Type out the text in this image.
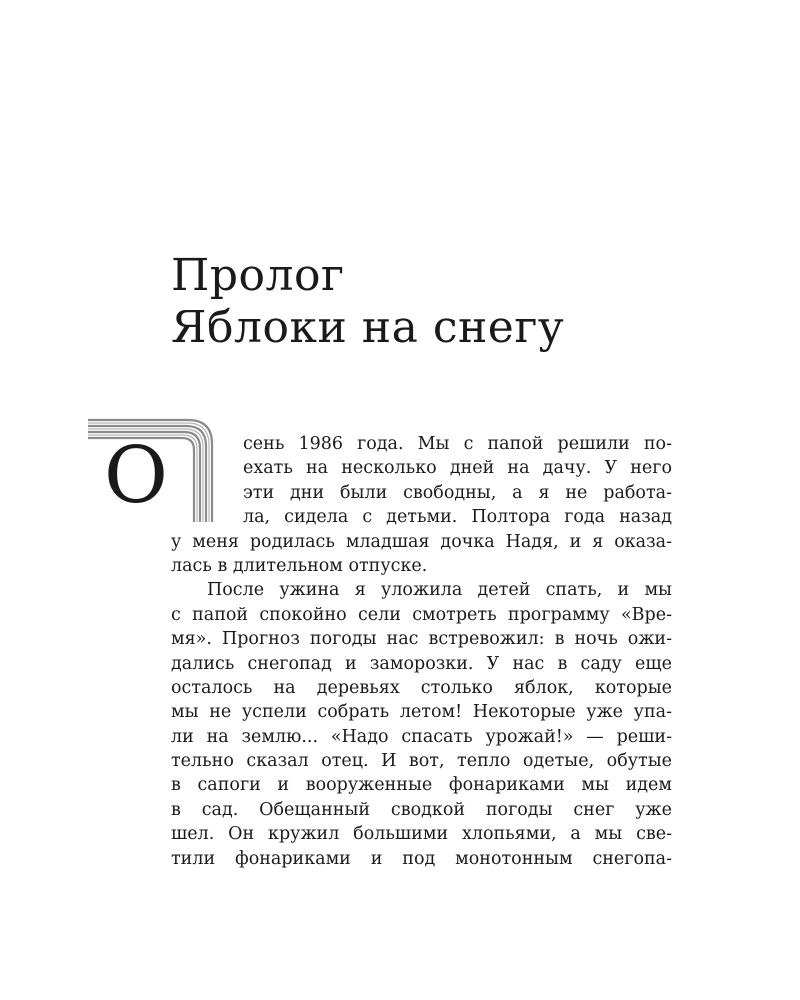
Пролог
Яблоки на снегу
О	сень 1986 года. Мы с папой решили по-
ехать на несколько дней на дачу. У него
эти дни были свободны, а я не работа-
ла, сидела с детьми. Полтора года назад
у меня родилась младшая дочка Надя, и я оказа-
лась в длительном отпуске.
После ужина я уложила детей спать, и мы
с папой спокойно сели смотреть программу «Вре-
мя». Прогноз погоды нас встревожил: в ночь ожи-
дались снегопад и заморозки. У нас в саду еще
осталось на деревьях столько яблок, которые
мы не успели собрать летом! Некоторые уже упа-
ли на землю... «Надо спасать урожай!» — реши-
тельно сказал отец. И вот, тепло одетые, обутые
в сапоги и вооруженные фонариками мы идем
в сад. Обещанный сводкой погоды снег уже
шел. Он кружил большими хлопьями, а мы све-
тили фонариками и под монотонным снегопа-
